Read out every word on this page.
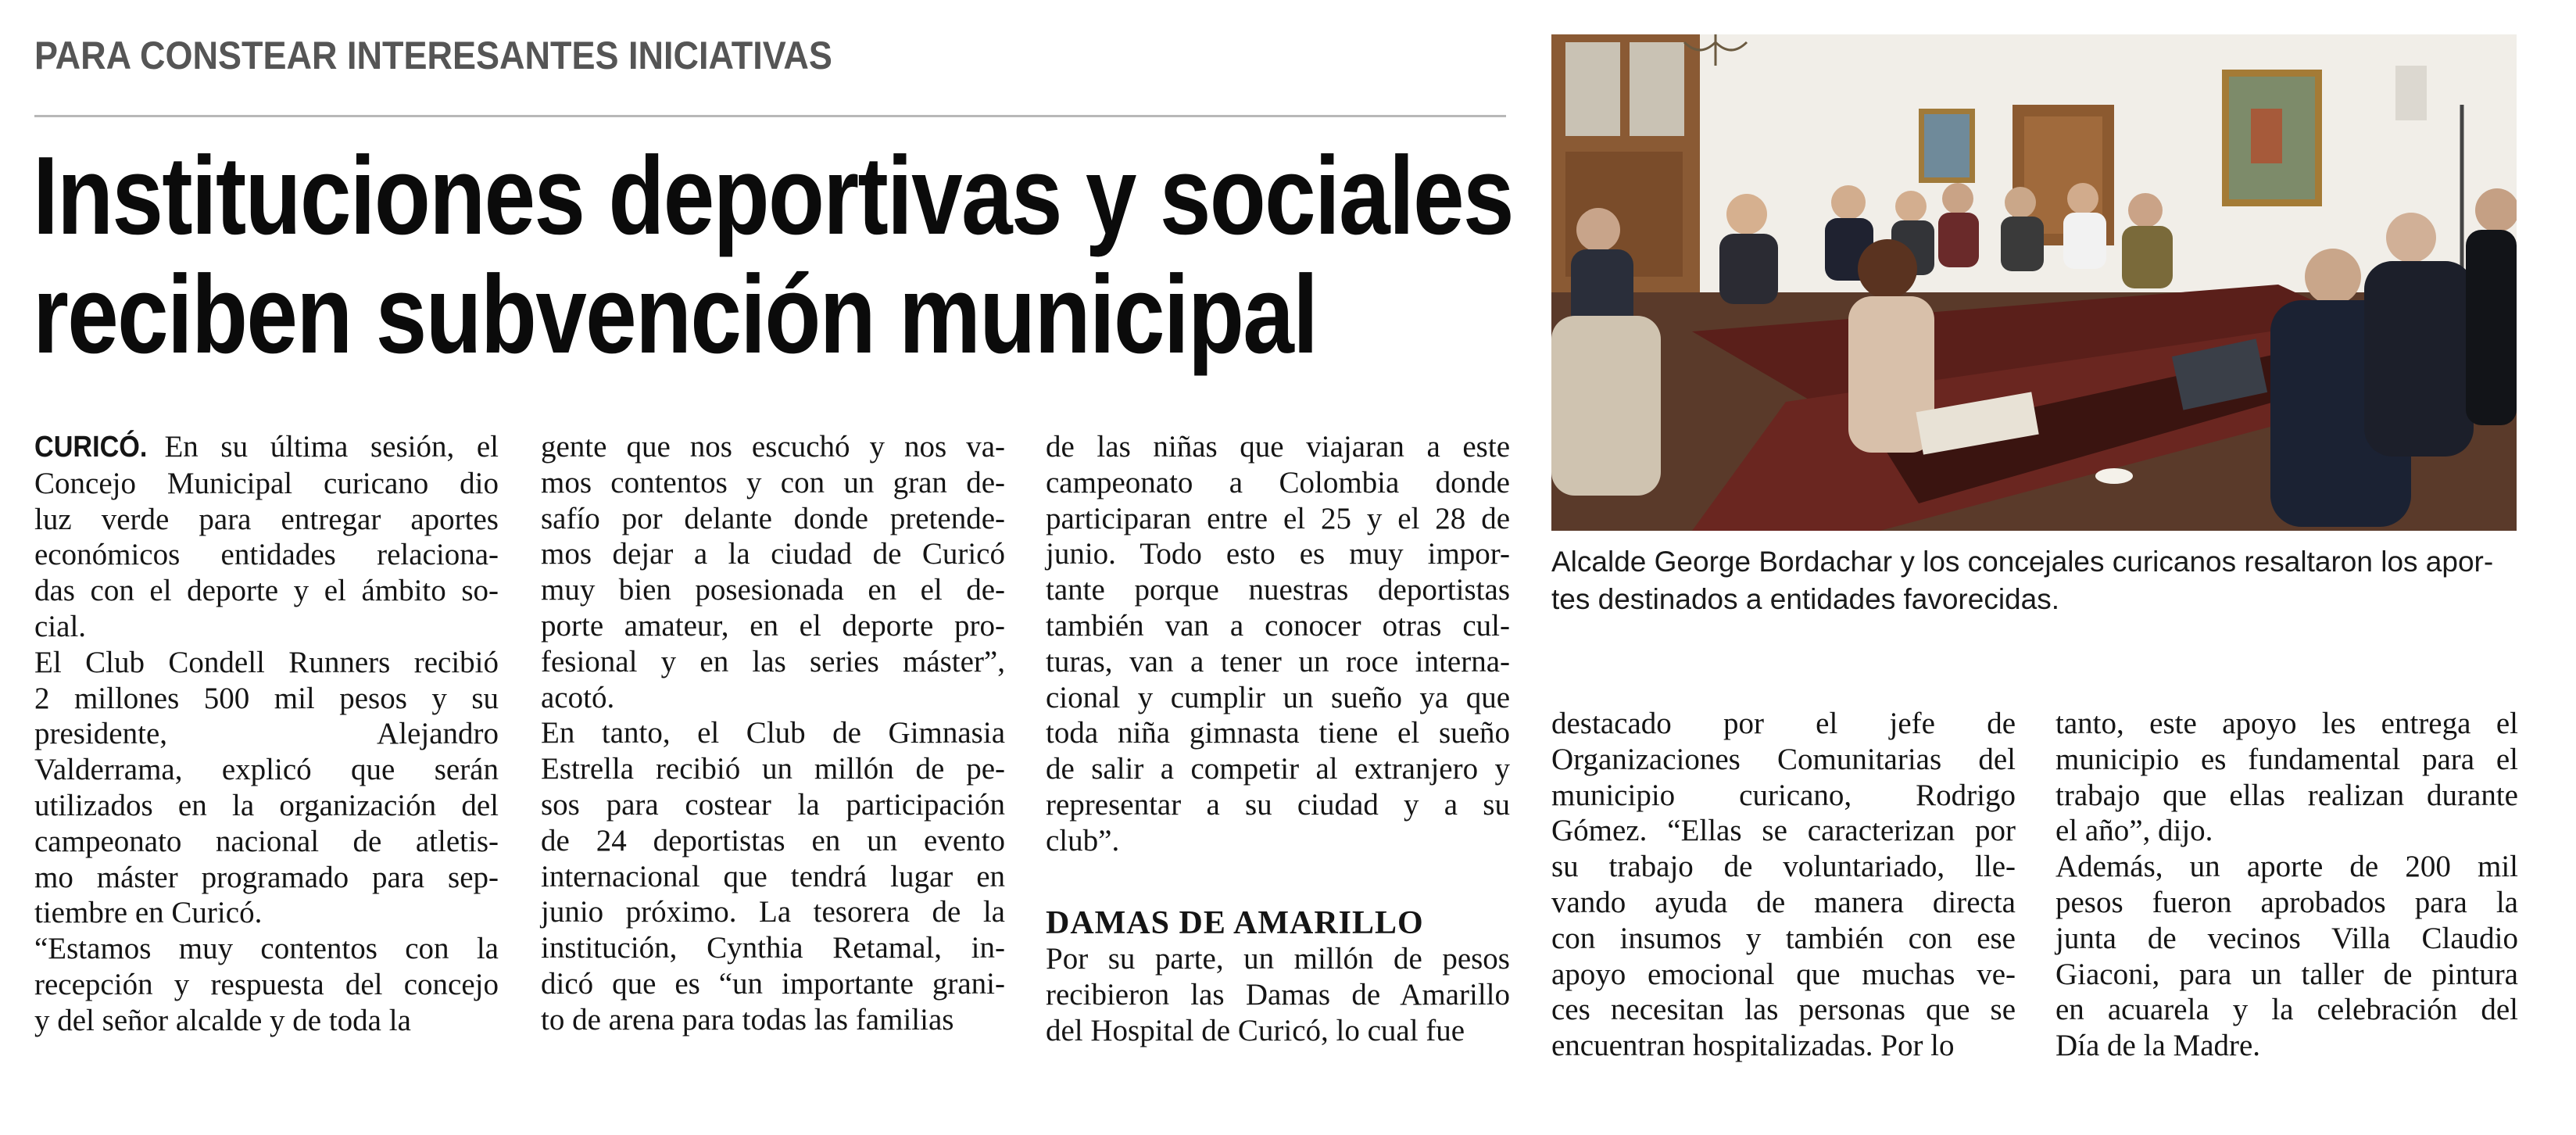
PARA CONSTEAR INTERESANTES INICIATIVAS
Instituciones deportivas y sociales
reciben subvención municipal
CURICÓ. En su última sesión, el
Concejo Municipal curicano dio
luz verde para entregar aportes
económicos entidades relaciona-
das con el deporte y el ámbito so-
cial.
El Club Condell Runners recibió
2 millones 500 mil pesos y su
presidente, Alejandro
Valderrama, explicó que serán
utilizados en la organización del
campeonato nacional de atletis-
mo máster programado para sep-
tiembre en Curicó.
“Estamos muy contentos con la
recepción y respuesta del concejo
y del señor alcalde y de toda la
gente que nos escuchó y nos va-
mos contentos y con un gran de-
safío por delante donde pretende-
mos dejar a la ciudad de Curicó
muy bien posesionada en el de-
porte amateur, en el deporte pro-
fesional y en las series máster”,
acotó.
En tanto, el Club de Gimnasia
Estrella recibió un millón de pe-
sos para costear la participación
de 24 deportistas en un evento
internacional que tendrá lugar en
junio próximo. La tesorera de la
institución, Cynthia Retamal, in-
dicó que es “un importante grani-
to de arena para todas las familias
de las niñas que viajaran a este
campeonato a Colombia donde
participaran entre el 25 y el 28 de
junio. Todo esto es muy impor-
tante porque nuestras deportistas
también van a conocer otras cul-
turas, van a tener un roce interna-
cional y cumplir un sueño ya que
toda niña gimnasta tiene el sueño
de salir a competir al extranjero y
representar a su ciudad y a su
club”.

DAMAS DE AMARILLO

Por su parte, un millón de pesos
recibieron las Damas de Amarillo
del Hospital de Curicó, lo cual fue
destacado por el jefe de
Organizaciones Comunitarias del
municipio curicano, Rodrigo
Gómez. “Ellas se caracterizan por
su trabajo de voluntariado, lle-
vando ayuda de manera directa
con insumos y también con ese
apoyo emocional que muchas ve-
ces necesitan las personas que se
encuentran hospitalizadas. Por lo
tanto, este apoyo les entrega el
municipio es fundamental para el
trabajo que ellas realizan durante
el año”, dijo.
Además, un aporte de 200 mil
pesos fueron aprobados para la
junta de vecinos Villa Claudio
Giaconi, para un taller de pintura
en acuarela y la celebración del
Día de la Madre.
Alcalde George Bordachar y los concejales curicanos resaltaron los apor-
tes destinados a entidades favorecidas.
